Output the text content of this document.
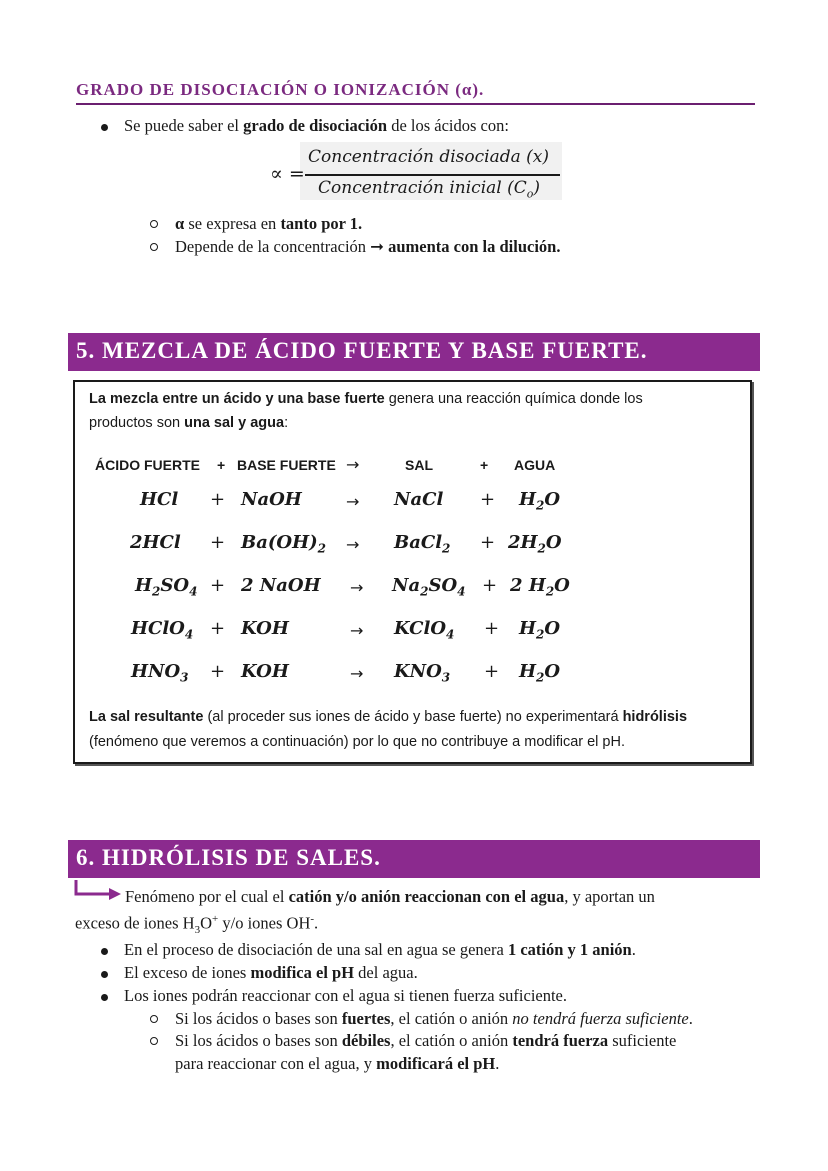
GRADO DE DISOCIACIÓN O IONIZACIÓN (α).
Se puede saber el grado de disociación de los ácidos con:
∝ =
Concentración disociada (x)
Concentración inicial $(C_o)$
α se expresa en tanto por 1.
Depende de la concentración ➞ aumenta con la dilución.
5. MEZCLA DE ÁCIDO FUERTE Y BASE FUERTE.
La mezcla entre un ácido y una base fuerte genera una reacción química donde los
productos son una sal y agua:
ÁCIDO FUERTE + BASE FUERTE →	SAL	+ AGUA
HCl + NaOH	→ NaCl + $H_2O$
$2HCl + Ba(OH)_2$ → BaCl$_2$ + $2H_2O$
$H_2SO_4 + 2$ NaOH → $Na_2SO_4 + 2$ $H_2O$
HClO$_4$ + KOH	→ KClO$_4$ + $H_2O$
$HNO_3$ + KOH	→ $KNO_3 + H_2O$
La sal resultante (al proceder sus iones de ácido y base fuerte) no experimentará hidrólisis
(fenómeno que veremos a continuación) por lo que no contribuye a modificar el pH.
6. HIDRÓLISIS DE SALES.
Fenómeno por el cual el catión y/o anión reaccionan con el agua, y aportan un
exceso de iones $H_3O^+$ y/o iones OH-.
En el proceso de disociación de una sal en agua se genera 1 catión y 1 anión.
El exceso de iones modifica el pH del agua.
Los iones podrán reaccionar con el agua si tienen fuerza suficiente.
Si los ácidos o bases son fuertes, el catión o anión no tendrá fuerza suficiente.
Si los ácidos o bases son débiles, el catión o anión tendrá fuerza suficiente
para reaccionar con el agua, y modificará el pH.
